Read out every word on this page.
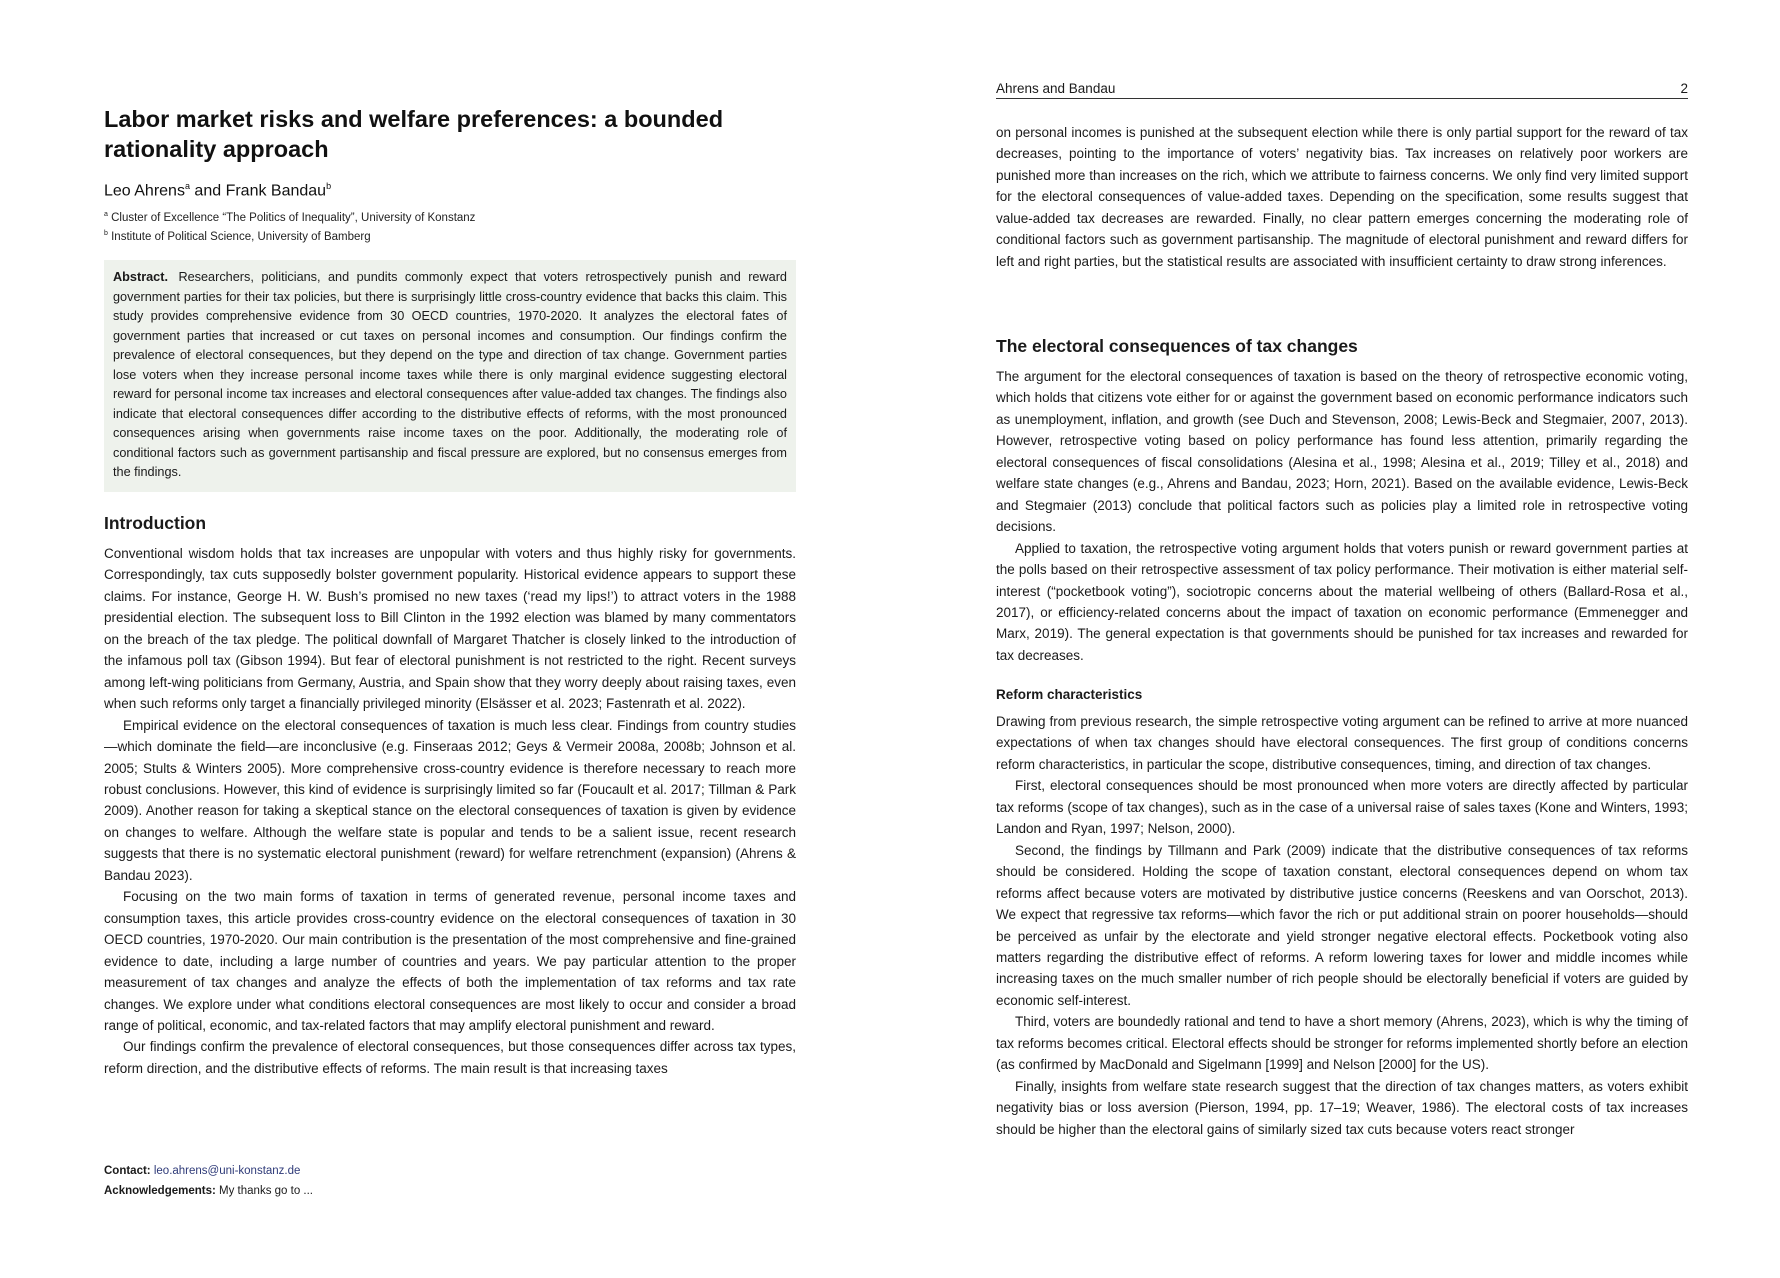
Labor market risks and welfare preferences: a bounded rationality approach

Leo Ahrens$^a$ and Frank Bandau$^b$

$^a$ Cluster of Excellence “The Politics of Inequality”, University of Konstanz

$^b$ Institute of Political Science, University of Bamberg

Abstract. Researchers, politicians, and pundits commonly expect that voters retrospectively punish and reward government parties for their tax policies, but there is surprisingly little cross-country evidence that backs this claim. This study provides comprehensive evidence from 30 OECD countries, 1970-2020. It analyzes the electoral fates of government parties that increased or cut taxes on personal incomes and consumption. Our findings confirm the prevalence of electoral consequences, but they depend on the type and direction of tax change. Government parties lose voters when they increase personal income taxes while there is only marginal evidence suggesting electoral reward for personal income tax increases and electoral consequences after value-added tax changes. The findings also indicate that electoral consequences differ according to the distributive effects of reforms, with the most pronounced consequences arising when governments raise income taxes on the poor. Additionally, the moderating role of conditional factors such as government partisanship and fiscal pressure are explored, but no consensus emerges from the findings.

Introduction

Conventional wisdom holds that tax increases are unpopular with voters and thus highly risky for governments. Correspondingly, tax cuts supposedly bolster government popularity. Historical evidence appears to support these claims. For instance, George H. W. Bush’s promised no new taxes (‘read my lips!’) to attract voters in the 1988 presidential election. The subsequent loss to Bill Clinton in the 1992 election was blamed by many commentators on the breach of the tax pledge. The political downfall of Margaret Thatcher is closely linked to the introduction of the infamous poll tax (Gibson 1994). But fear of electoral punishment is not restricted to the right. Recent surveys among left-wing politicians from Germany, Austria, and Spain show that they worry deeply about raising taxes, even when such reforms only target a financially privileged minority (Elsässer et al. 2023; Fastenrath et al. 2022).

Empirical evidence on the electoral consequences of taxation is much less clear. Findings from country studies—which dominate the field—are inconclusive (e.g. Finseraas 2012; Geys & Vermeir 2008a, 2008b; Johnson et al. 2005; Stults & Winters 2005). More comprehensive cross-country evidence is therefore necessary to reach more robust conclusions. However, this kind of evidence is surprisingly limited so far (Foucault et al. 2017; Tillman & Park 2009). Another reason for taking a skeptical stance on the electoral consequences of taxation is given by evidence on changes to welfare. Although the welfare state is popular and tends to be a salient issue, recent research suggests that there is no systematic electoral punishment (reward) for welfare retrenchment (expansion) (Ahrens & Bandau 2023).

Focusing on the two main forms of taxation in terms of generated revenue, personal income taxes and consumption taxes, this article provides cross-country evidence on the electoral consequences of taxation in 30 OECD countries, 1970-2020. Our main contribution is the presentation of the most comprehensive and fine-grained evidence to date, including a large number of countries and years. We pay particular attention to the proper measurement of tax changes and analyze the effects of both the implementation of tax reforms and tax rate changes. We explore under what conditions electoral consequences are most likely to occur and consider a broad range of political, economic, and tax-related factors that may amplify electoral punishment and reward.

Our findings confirm the prevalence of electoral consequences, but those consequences differ across tax types, reform direction, and the distributive effects of reforms. The main result is that increasing taxes

Contact: leo.ahrens@uni-konstanz.de
Acknowledgements: My thanks go to ...
Ahrens and Bandau	2

on personal incomes is punished at the subsequent election while there is only partial support for the reward of tax decreases, pointing to the importance of voters’ negativity bias. Tax increases on relatively poor workers are punished more than increases on the rich, which we attribute to fairness concerns. We only find very limited support for the electoral consequences of value-added taxes. Depending on the specification, some results suggest that value-added tax decreases are rewarded. Finally, no clear pattern emerges concerning the moderating role of conditional factors such as government partisanship. The magnitude of electoral punishment and reward differs for left and right parties, but the statistical results are associated with insufficient certainty to draw strong inferences.

The electoral consequences of tax changes

The argument for the electoral consequences of taxation is based on the theory of retrospective economic voting, which holds that citizens vote either for or against the government based on economic performance indicators such as unemployment, inflation, and growth (see Duch and Stevenson, 2008; Lewis-Beck and Stegmaier, 2007, 2013). However, retrospective voting based on policy performance has found less attention, primarily regarding the electoral consequences of fiscal consolidations (Alesina et al., 1998; Alesina et al., 2019; Tilley et al., 2018) and welfare state changes (e.g., Ahrens and Bandau, 2023; Horn, 2021). Based on the available evidence, Lewis-Beck and Stegmaier (2013) conclude that political factors such as policies play a limited role in retrospective voting decisions.

Applied to taxation, the retrospective voting argument holds that voters punish or reward government parties at the polls based on their retrospective assessment of tax policy performance. Their motivation is either material self-interest (“pocketbook voting”), sociotropic concerns about the material wellbeing of others (Ballard-Rosa et al., 2017), or efficiency-related concerns about the impact of taxation on economic performance (Emmenegger and Marx, 2019). The general expectation is that governments should be punished for tax increases and rewarded for tax decreases.

Reform characteristics

Drawing from previous research, the simple retrospective voting argument can be refined to arrive at more nuanced expectations of when tax changes should have electoral consequences. The first group of conditions concerns reform characteristics, in particular the scope, distributive consequences, timing, and direction of tax changes.

First, electoral consequences should be most pronounced when more voters are directly affected by particular tax reforms (scope of tax changes), such as in the case of a universal raise of sales taxes (Kone and Winters, 1993; Landon and Ryan, 1997; Nelson, 2000).

Second, the findings by Tillmann and Park (2009) indicate that the distributive consequences of tax reforms should be considered. Holding the scope of taxation constant, electoral consequences depend on whom tax reforms affect because voters are motivated by distributive justice concerns (Reeskens and van Oorschot, 2013). We expect that regressive tax reforms—which favor the rich or put additional strain on poorer households—should be perceived as unfair by the electorate and yield stronger negative electoral effects. Pocketbook voting also matters regarding the distributive effect of reforms. A reform lowering taxes for lower and middle incomes while increasing taxes on the much smaller number of rich people should be electorally beneficial if voters are guided by economic self-interest.

Third, voters are boundedly rational and tend to have a short memory (Ahrens, 2023), which is why the timing of tax reforms becomes critical. Electoral effects should be stronger for reforms implemented shortly before an election (as confirmed by MacDonald and Sigelmann [1999] and Nelson [2000] for the US).

Finally, insights from welfare state research suggest that the direction of tax changes matters, as voters exhibit negativity bias or loss aversion (Pierson, 1994, pp. 17–19; Weaver, 1986). The electoral costs of tax increases should be higher than the electoral gains of similarly sized tax cuts because voters react stronger
